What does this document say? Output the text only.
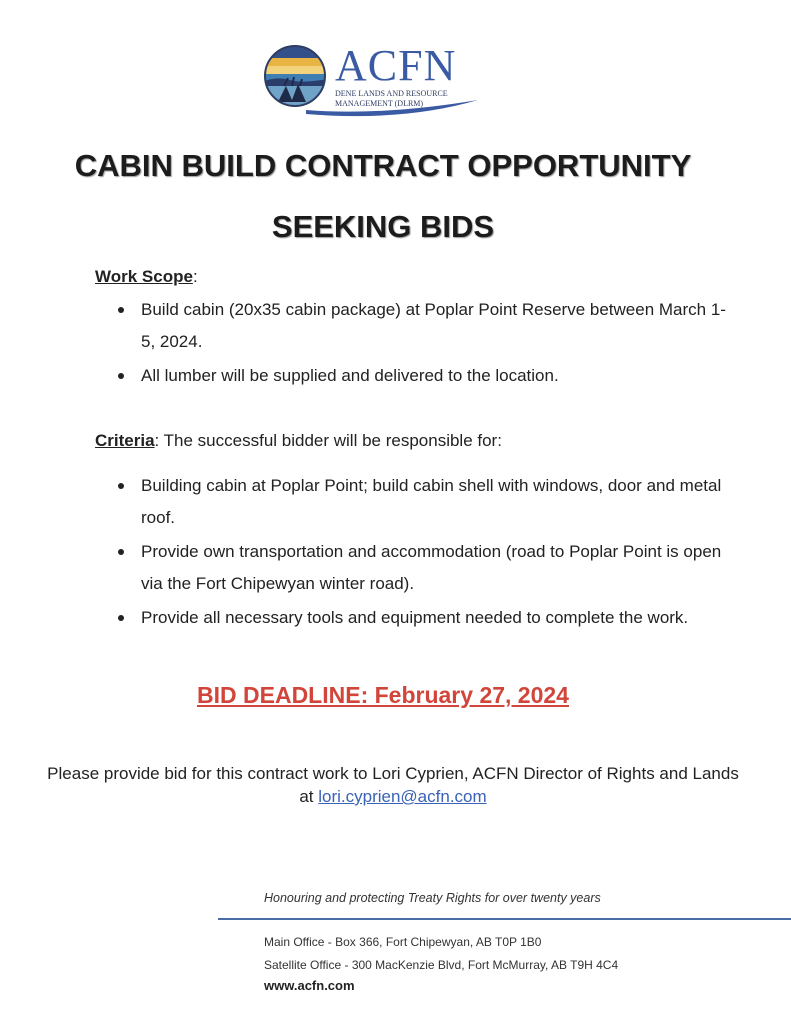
ACFN
DENE LANDS AND RESOURCE
MANAGEMENT (DLRM)
CABIN BUILD CONTRACT OPPORTUNITY
SEEKING BIDS
Work Scope:
Build cabin (20x35 cabin package) at Poplar Point Reserve between March 1-5, 2024.
All lumber will be supplied and delivered to the location.
Criteria: The successful bidder will be responsible for:
Building cabin at Poplar Point; build cabin shell with windows, door and metal roof.
Provide own transportation and accommodation (road to Poplar Point is open via the Fort Chipewyan winter road).
Provide all necessary tools and equipment needed to complete the work.
BID DEADLINE: February 27, 2024
Please provide bid for this contract work to Lori Cyprien, ACFN Director of Rights and Lands at lori.cyprien@acfn.com
Honouring and protecting Treaty Rights for over twenty years
Main Office - Box 366, Fort Chipewyan, AB T0P 1B0
Satellite Office - 300 MacKenzie Blvd, Fort McMurray, AB T9H 4C4
www.acfn.com
